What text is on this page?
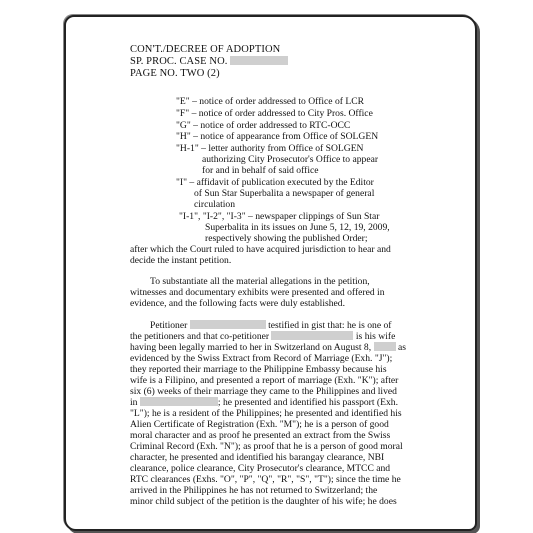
CON'T./DECREE OF ADOPTION
SP. PROC. CASE NO.
PAGE NO. TWO (2)
"E" – notice of order addressed to Office of LCR
"F" – notice of order addressed to City Pros. Office
"G" – notice of order addressed to RTC-OCC
"H" – notice of appearance from Office of SOLGEN
"H-1" – letter authority from Office of SOLGEN
authorizing City Prosecutor's Office to appear
for and in behalf of said office
"I" – affidavit of publication executed by the Editor
of Sun Star Superbalita a newspaper of general
circulation
"I-1", "I-2", "I-3" – newspaper clippings of Sun Star
Superbalita in its issues on June 5, 12, 19, 2009,
respectively showing the published Order;
after which the Court ruled to have acquired jurisdiction to hear and
decide the instant petition.
To substantiate all the material allegations in the petition,
witnesses and documentary exhibits were presented and offered in
evidence, and the following facts were duly established.
Petitioner	testified in gist that: he is one of
the petitioners and that co-petitioner	is his wife
having been legally married to her in Switzerland on August 8,	as
evidenced by the Swiss Extract from Record of Marriage (Exh. "J");
they reported their marriage to the Philippine Embassy because his
wife is a Filipino, and presented a report of marriage (Exh. "K"); after
six (6) weeks of their marriage they came to the Philippines and lived
in	; he presented and identified his passport (Exh.
"L"); he is a resident of the Philippines; he presented and identified his
Alien Certificate of Registration (Exh. "M"); he is a person of good
moral character and as proof he presented an extract from the Swiss
Criminal Record (Exh. "N"); as proof that he is a person of good moral
character, he presented and identified his barangay clearance, NBI
clearance, police clearance, City Prosecutor's clearance, MTCC and
RTC clearances (Exhs. "O", "P", "Q", "R", "S", "T"); since the time he
arrived in the Philippines he has not returned to Switzerland; the
minor child subject of the petition is the daughter of his wife; he does
